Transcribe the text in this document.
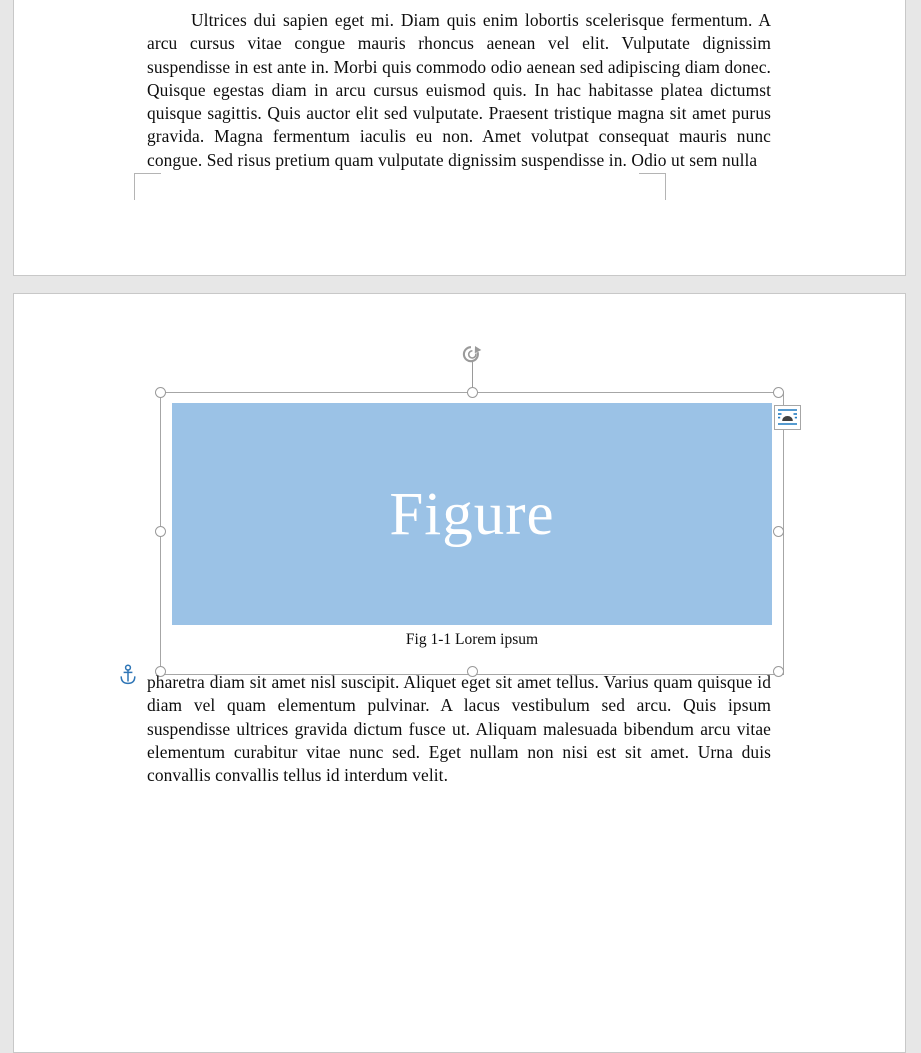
Ultrices dui sapien eget mi. Diam quis enim lobortis scelerisque fermentum. A arcu cursus vitae congue mauris rhoncus aenean vel elit. Vulputate dignissim suspendisse in est ante in. Morbi quis commodo odio aenean sed adipiscing diam donec. Quisque egestas diam in arcu cursus euismod quis. In hac habitasse platea dictumst quisque sagittis. Quis auctor elit sed vulputate. Praesent tristique magna sit amet purus gravida. Magna fermentum iaculis eu non. Amet volutpat consequat mauris nunc congue. Sed risus pretium quam vulputate dignissim suspendisse in. Odio ut sem nulla

Figure
Fig 1-1 Lorem ipsum

pharetra diam sit amet nisl suscipit. Aliquet eget sit amet tellus. Varius quam quisque id diam vel quam elementum pulvinar. A lacus vestibulum sed arcu. Quis ipsum suspendisse ultrices gravida dictum fusce ut. Aliquam malesuada bibendum arcu vitae elementum curabitur vitae nunc sed. Eget nullam non nisi est sit amet. Urna duis convallis convallis tellus id interdum velit.
